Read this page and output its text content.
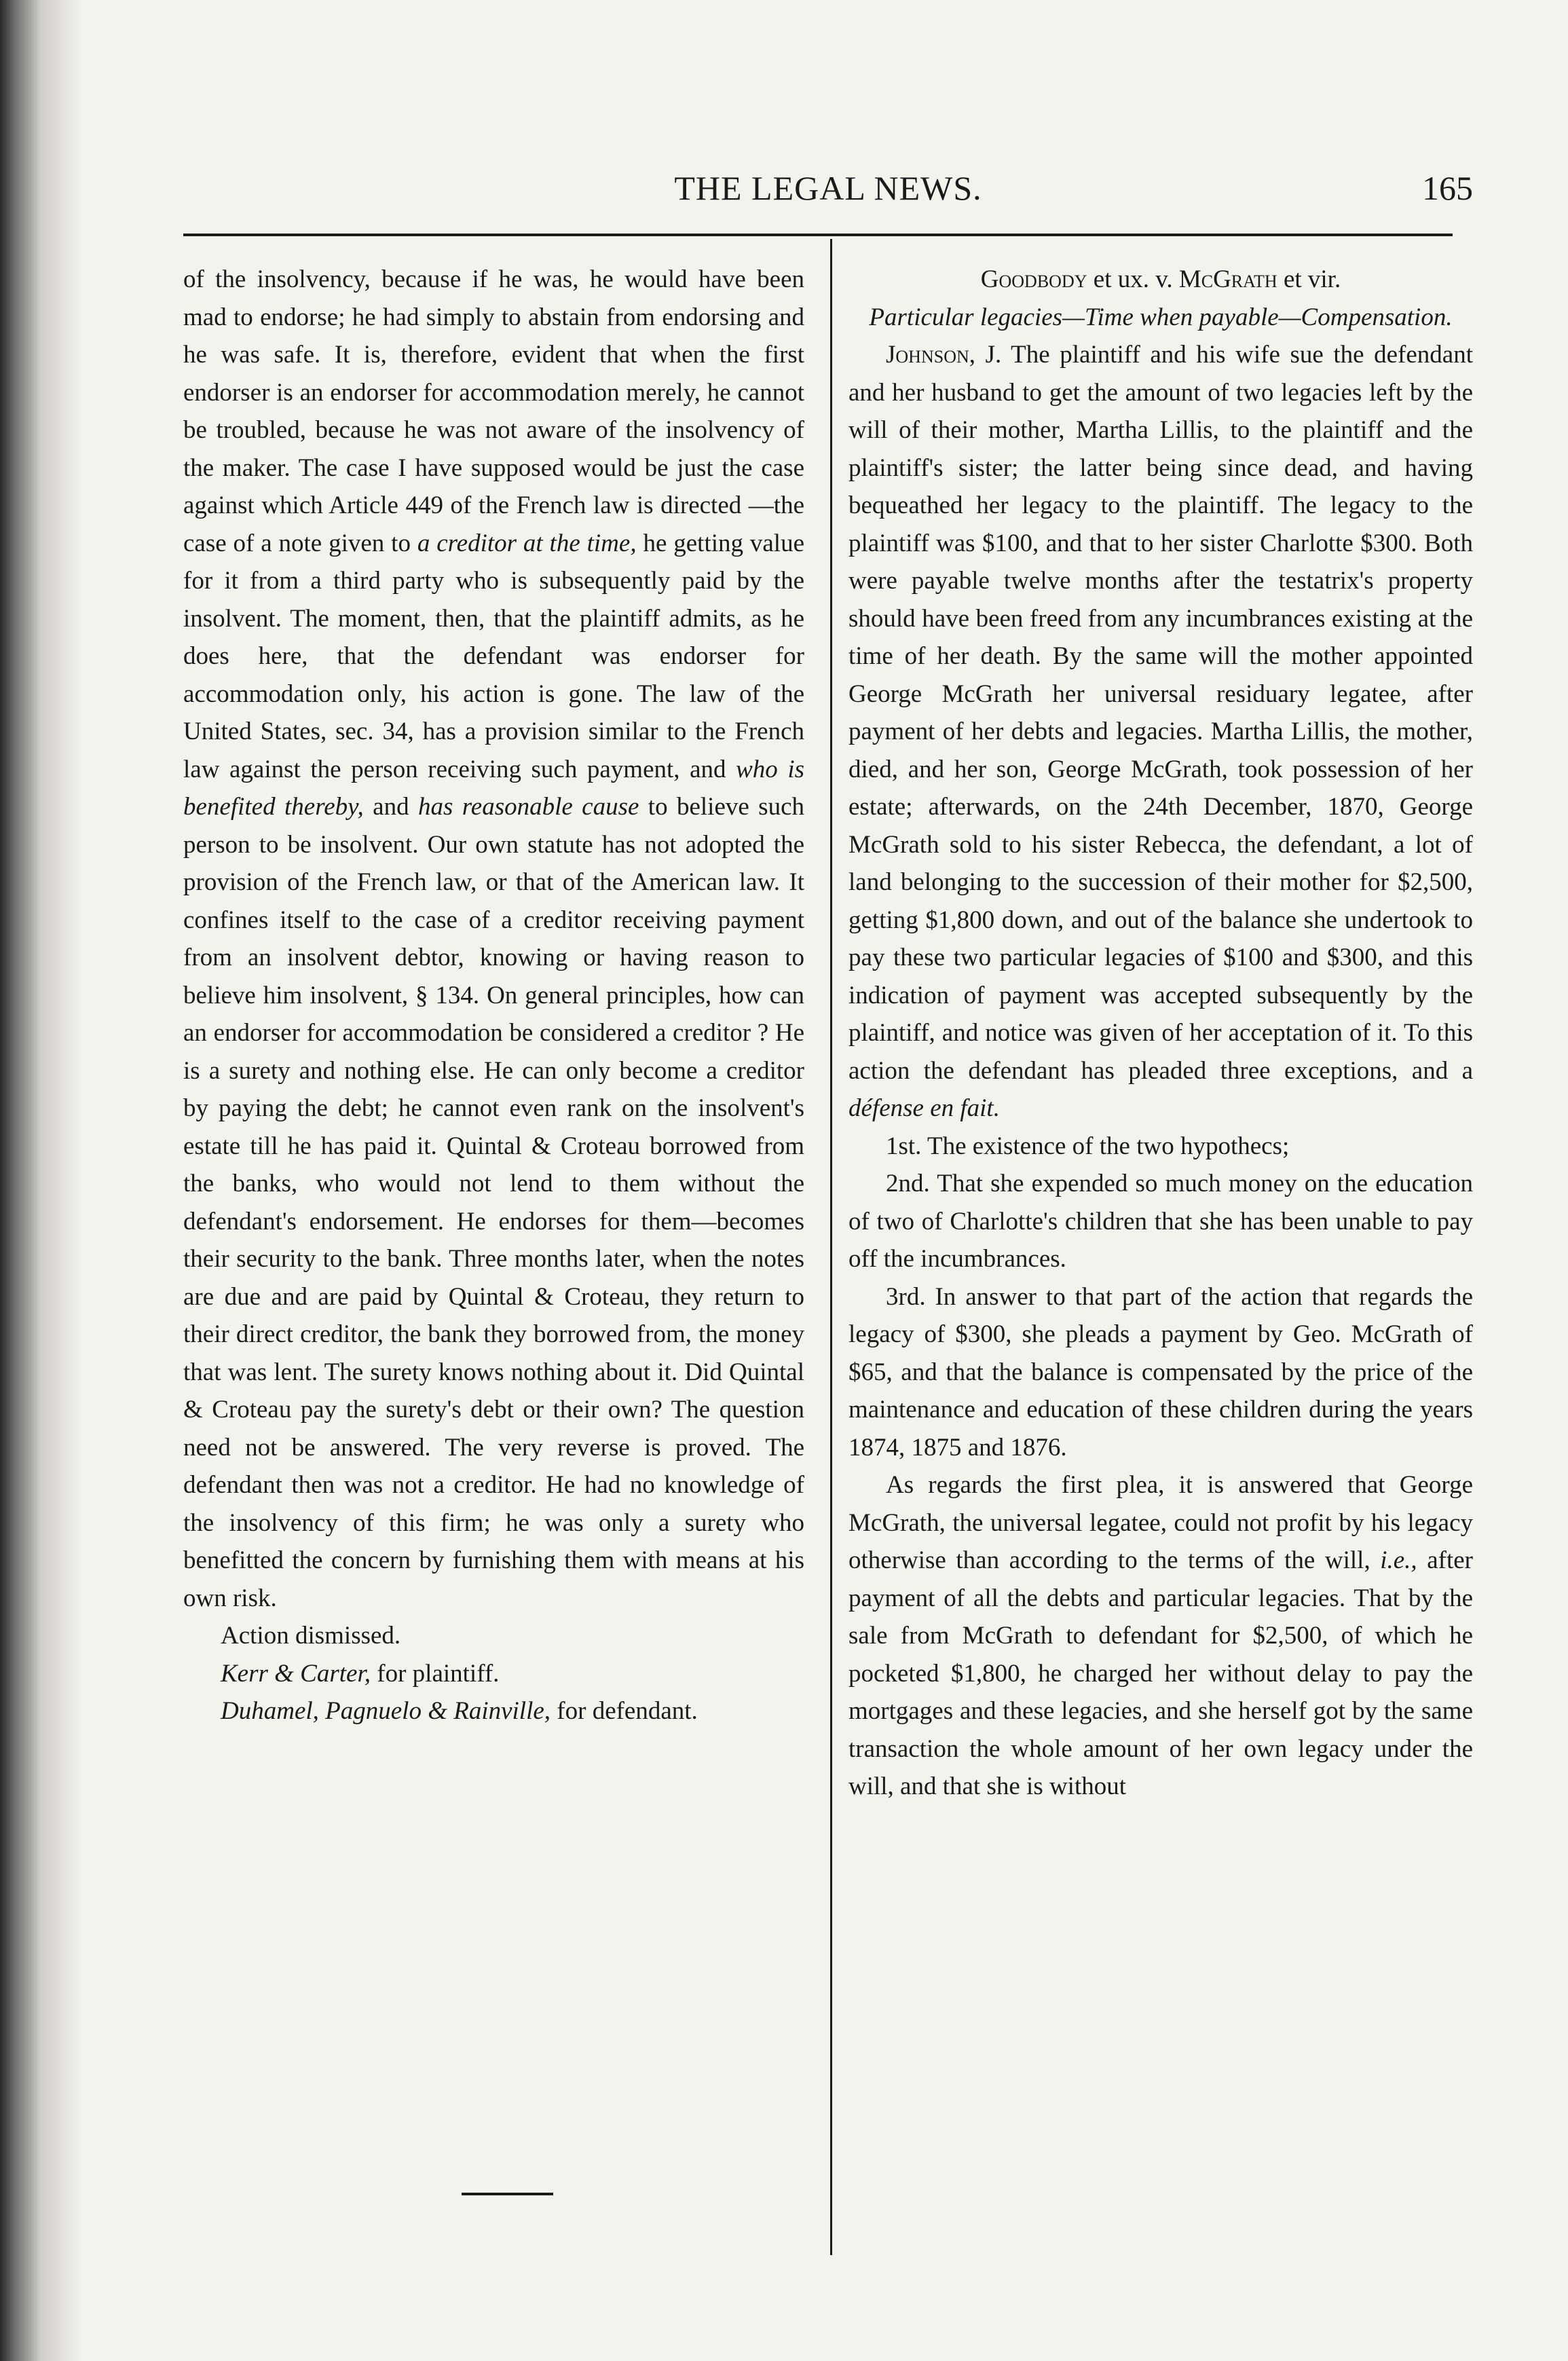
THE LEGAL NEWS.	165

of the insolvency, because if he was, he would have been mad to endorse; he had simply to abstain from endorsing and he was safe. It is, therefore, evident that when the first endorser is an endorser for accommodation merely, he cannot be troubled, because he was not aware of the insolvency of the maker. The case I have supposed would be just the case against which Article 449 of the French law is directed —the case of a note given to a creditor at the time, he getting value for it from a third party who is subsequently paid by the insolvent. The moment, then, that the plaintiff admits, as he does here, that the defendant was endorser for accommodation only, his action is gone. The law of the United States, sec. 34, has a provision similar to the French law against the person receiving such payment, and who is benefited thereby, and has reasonable cause to believe such person to be insolvent. Our own statute has not adopted the provision of the French law, or that of the American law. It confines itself to the case of a creditor receiving payment from an insolvent debtor, knowing or having reason to believe him insolvent, § 134. On general principles, how can an endorser for accommodation be considered a creditor ? He is a surety and nothing else. He can only become a creditor by paying the debt; he cannot even rank on the insolvent's estate till he has paid it. Quintal & Croteau borrowed from the banks, who would not lend to them without the defendant's endorsement. He endorses for them—becomes their security to the bank. Three months later, when the notes are due and are paid by Quintal & Croteau, they return to their direct creditor, the bank they borrowed from, the money that was lent. The surety knows nothing about it. Did Quintal & Croteau pay the surety's debt or their own? The question need not be answered. The very reverse is proved. The defendant then was not a creditor. He had no knowledge of the insolvency of this firm; he was only a surety who benefitted the concern by furnishing them with means at his own risk.

Action dismissed.

Kerr & Carter, for plaintiff.

Duhamel, Pagnuelo & Rainville, for defendant.

Goodbody et ux. v. McGrath et vir.
Particular legacies—Time when payable—Compensation.

Johnson, J. The plaintiff and his wife sue the defendant and her husband to get the amount of two legacies left by the will of their mother, Martha Lillis, to the plaintiff and the plaintiff's sister; the latter being since dead, and having bequeathed her legacy to the plaintiff. The legacy to the plaintiff was $100, and that to her sister Charlotte $300. Both were payable twelve months after the testatrix's property should have been freed from any incumbrances existing at the time of her death. By the same will the mother appointed George McGrath her universal residuary legatee, after payment of her debts and legacies. Martha Lillis, the mother, died, and her son, George McGrath, took possession of her estate; afterwards, on the 24th December, 1870, George McGrath sold to his sister Rebecca, the defendant, a lot of land belonging to the succession of their mother for $2,500, getting $1,800 down, and out of the balance she undertook to pay these two particular legacies of $100 and $300, and this indication of payment was accepted subsequently by the plaintiff, and notice was given of her acceptation of it. To this action the defendant has pleaded three exceptions, and a défense en fait.

1st. The existence of the two hypothecs;

2nd. That she expended so much money on the education of two of Charlotte's children that she has been unable to pay off the incumbrances.

3rd. In answer to that part of the action that regards the legacy of $300, she pleads a payment by Geo. McGrath of $65, and that the balance is compensated by the price of the maintenance and education of these children during the years 1874, 1875 and 1876.

As regards the first plea, it is answered that George McGrath, the universal legatee, could not profit by his legacy otherwise than according to the terms of the will, i.e., after payment of all the debts and particular legacies. That by the sale from McGrath to defendant for $2,500, of which he pocketed $1,800, he charged her without delay to pay the mortgages and these legacies, and she herself got by the same transaction the whole amount of her own legacy under the will, and that she is without
